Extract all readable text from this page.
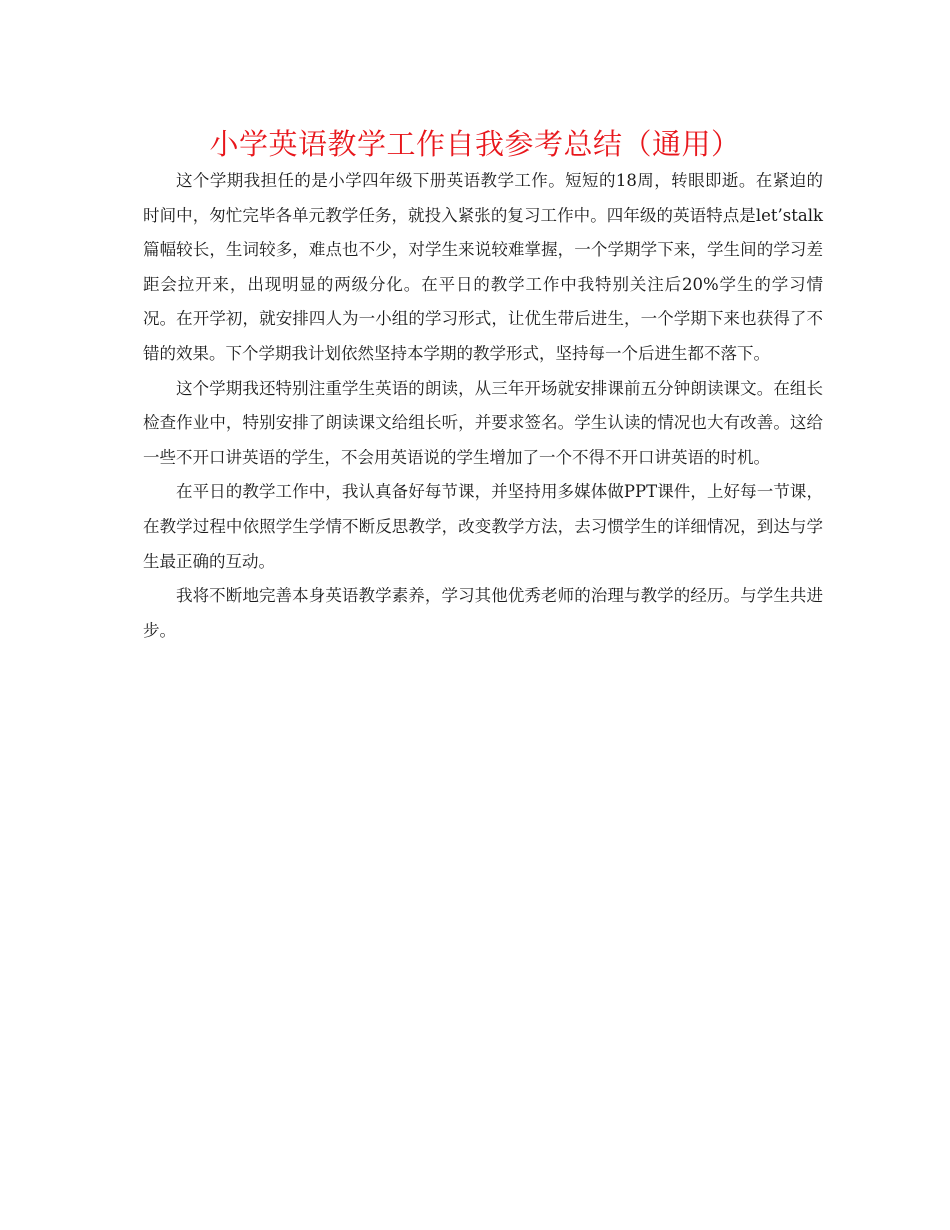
小学英语教学工作自我参考总结（通用）

这个学期我担任的是小学四年级下册英语教学工作。短短的18周，转眼即逝。在紧迫的时间中，匆忙完毕各单元教学任务，就投入紧张的复习工作中。四年级的英语特点是let’stalk篇幅较长，生词较多，难点也不少，对学生来说较难掌握，一个学期学下来，学生间的学习差距会拉开来，出现明显的两级分化。在平日的教学工作中我特别关注后20%学生的学习情况。在开学初，就安排四人为一小组的学习形式，让优生带后进生，一个学期下来也获得了不错的效果。下个学期我计划依然坚持本学期的教学形式，坚持每一个后进生都不落下。

这个学期我还特别注重学生英语的朗读，从三年开场就安排课前五分钟朗读课文。在组长检查作业中，特别安排了朗读课文给组长听，并要求签名。学生认读的情况也大有改善。这给一些不开口讲英语的学生，不会用英语说的学生增加了一个不得不开口讲英语的时机。

在平日的教学工作中，我认真备好每节课，并坚持用多媒体做PPT课件，上好每一节课，在教学过程中依照学生学情不断反思教学，改变教学方法，去习惯学生的详细情况，到达与学生最正确的互动。

我将不断地完善本身英语教学素养，学习其他优秀老师的治理与教学的经历。与学生共进步。
